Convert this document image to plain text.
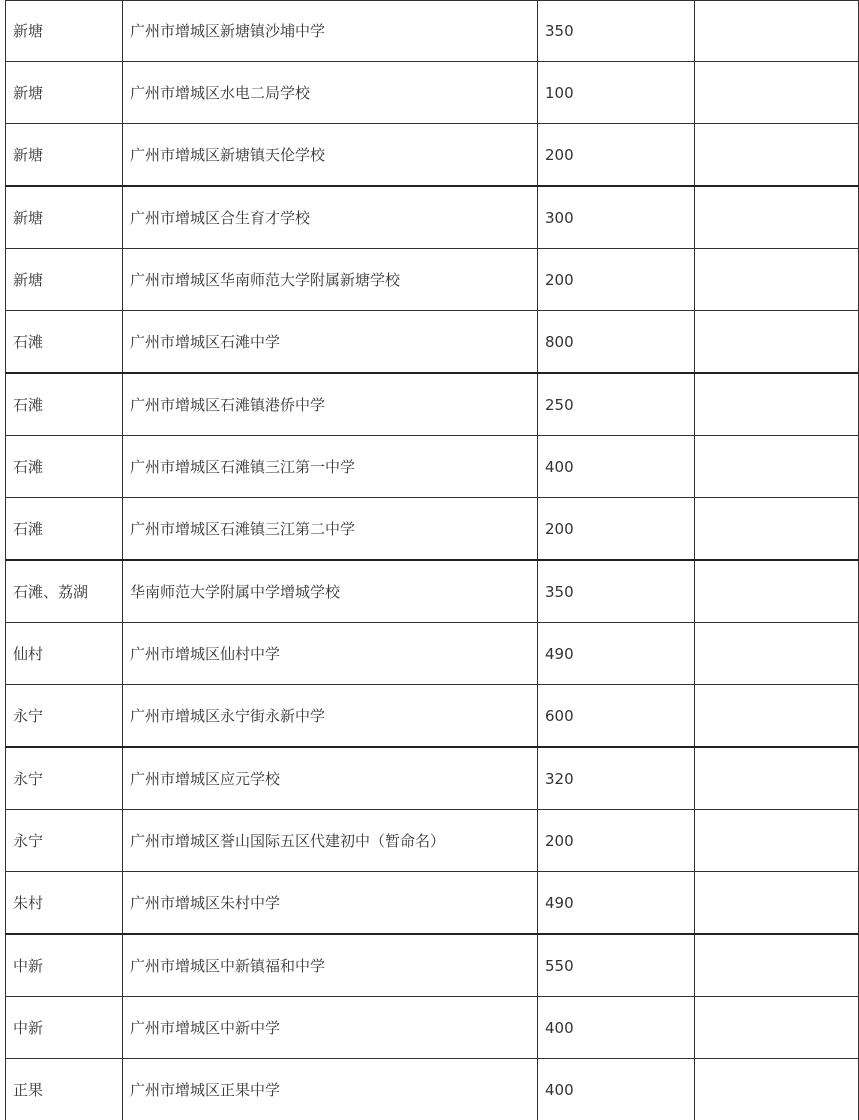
新塘	广州市增城区新塘镇沙埔中学	350	
新塘	广州市增城区水电二局学校	100	
新塘	广州市增城区新塘镇天伦学校	200	
新塘	广州市增城区合生育才学校	300	
新塘	广州市增城区华南师范大学附属新塘学校	200	
石滩	广州市增城区石滩中学	800	
石滩	广州市增城区石滩镇港侨中学	250	
石滩	广州市增城区石滩镇三江第一中学	400	
石滩	广州市增城区石滩镇三江第二中学	200	
石滩、荔湖	华南师范大学附属中学增城学校	350	
仙村	广州市增城区仙村中学	490	
永宁	广州市增城区永宁街永新中学	600	
永宁	广州市增城区应元学校	320	
永宁	广州市增城区誉山国际五区代建初中（暂命名）	200	
朱村	广州市增城区朱村中学	490	
中新	广州市增城区中新镇福和中学	550	
中新	广州市增城区中新中学	400	
正果	广州市增城区正果中学	400	
